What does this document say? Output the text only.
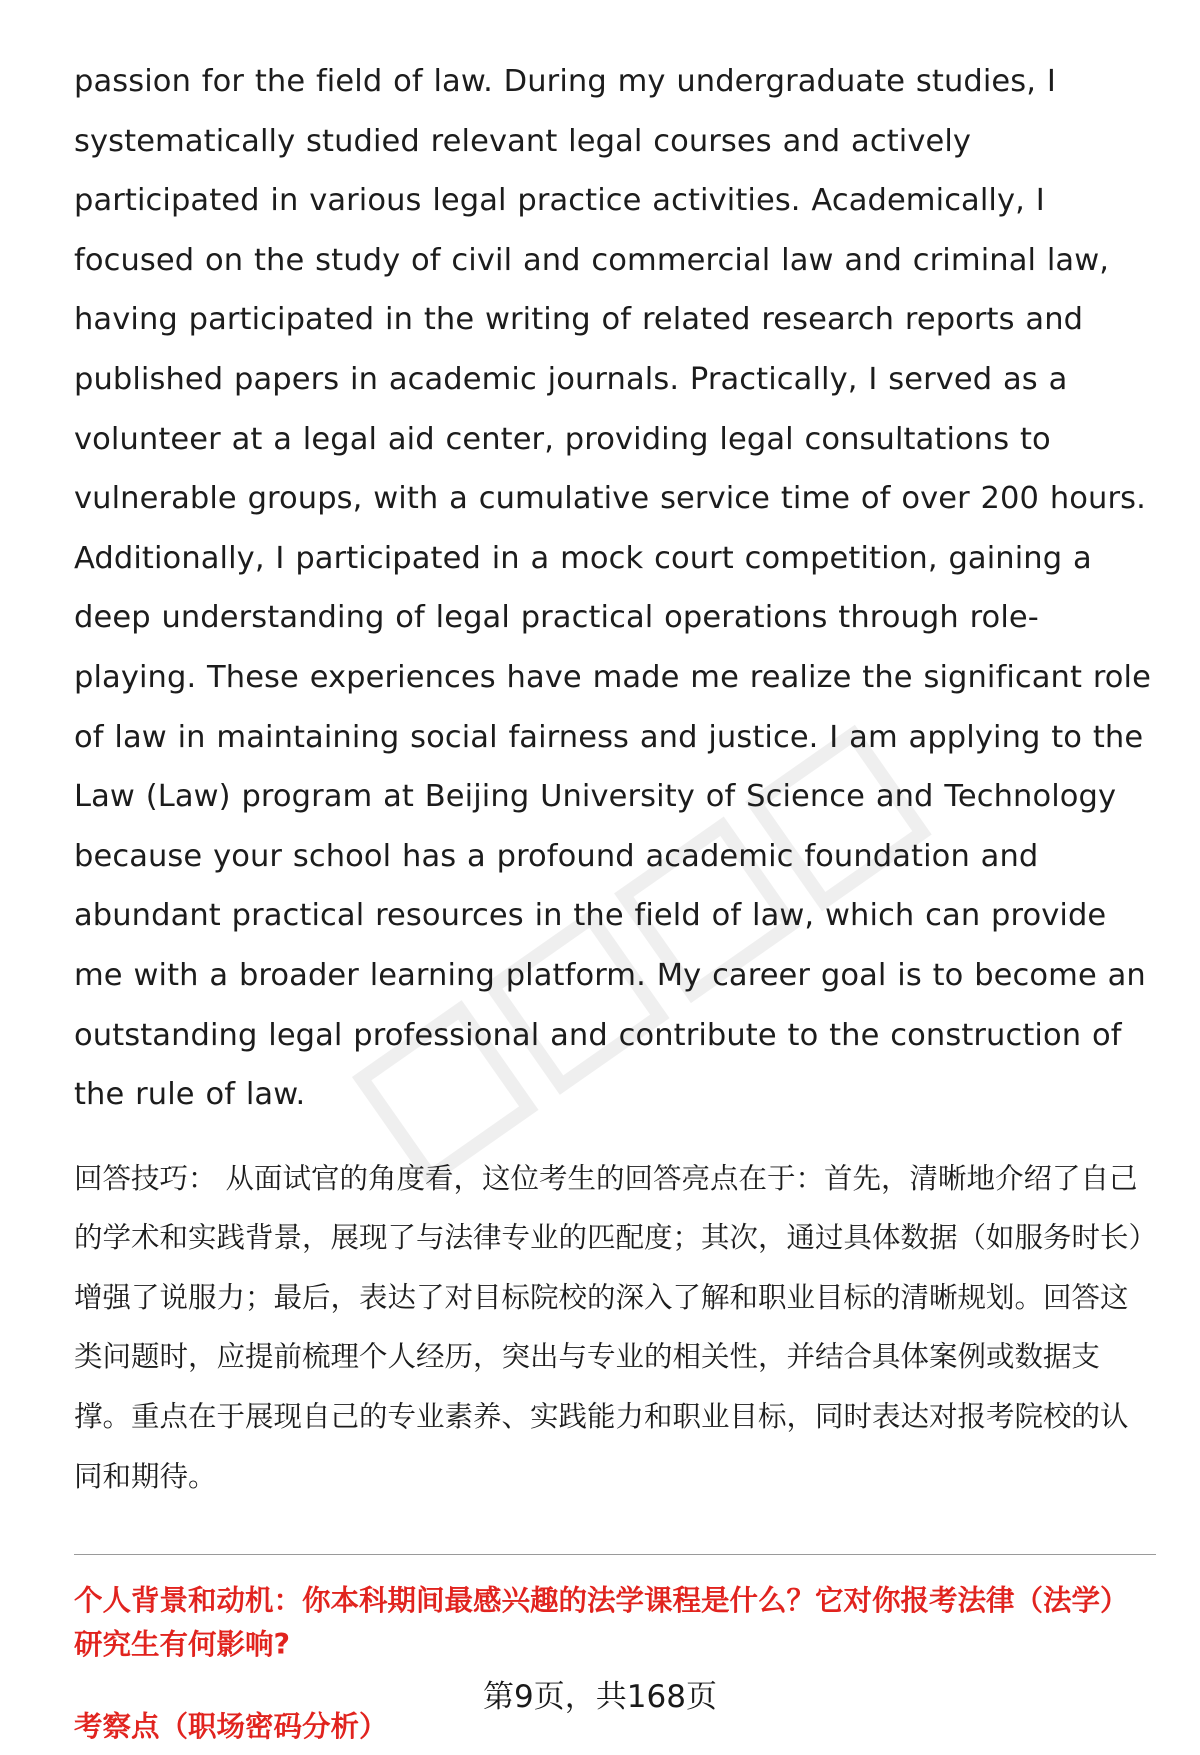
passion for the field of law. During my undergraduate studies, I systematically studied relevant legal courses and actively participated in various legal practice activities. Academically, I focused on the study of civil and commercial law and criminal law, having participated in the writing of related research reports and published papers in academic journals. Practically, I served as a volunteer at a legal aid center, providing legal consultations to vulnerable groups, with a cumulative service time of over 200 hours. Additionally, I participated in a mock court competition, gaining a deep understanding of legal practical operations through role-playing. These experiences have made me realize the significant role of law in maintaining social fairness and justice. I am applying to the Law (Law) program at Beijing University of Science and Technology because your school has a profound academic foundation and abundant practical resources in the field of law, which can provide me with a broader learning platform. My career goal is to become an outstanding legal professional and contribute to the construction of the rule of law.

回答技巧： 从面试官的角度看，这位考生的回答亮点在于：首先，清晰地介绍了自己的学术和实践背景，展现了与法律专业的匹配度；其次，通过具体数据（如服务时长）增强了说服力；最后，表达了对目标院校的深入了解和职业目标的清晰规划。回答这类问题时，应提前梳理个人经历，突出与专业的相关性，并结合具体案例或数据支撑。重点在于展现自己的专业素养、实践能力和职业目标，同时表达对报考院校的认同和期待。

个人背景和动机：你本科期间最感兴趣的法学课程是什么？它对你报考法律（法学）研究生有何影响?

考察点（职场密码分析）

第9页，共168页
